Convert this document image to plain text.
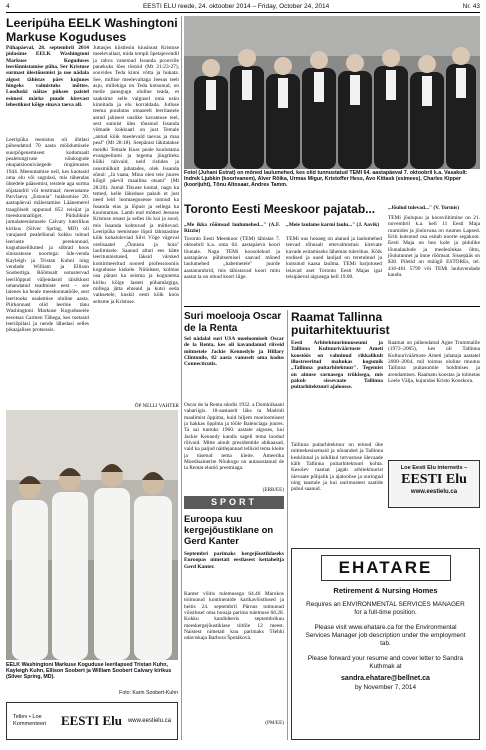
4	EESTI ELU reede, 24. oktoober 2014 – Friday, October 24, 2014	Nr. 43
Leeripüha EELK Washingtoni Markuse Koguduses
Pühapäeval, 28. septembril 2014 pidasime EELK Washingtoni Markuse Koguduses leeriõnnistamise püha. Ser Kristuse surmast ülestõusmist ja use nädala algust tähistav päev kujunes hingeks valmistuks mõttes. Looduski näitas püksee paistel esimesi märke puude kirevast lehestikust kõige sinava taeva all.
Leeripüha teenistus oli ühtlasi pühendatud 70 aasta möödumisele suurpõgenemisest kodumaalt pealetungivate nõukogude okupatsiooniväegede ringimustes 1944. Meenutamise neil, kes kaotasid oma elu või sugulasi, mis tähendas ühtedele pääsemist, teistele aga surma sõjatandril või teistmaal; meenutame Parvlaeva „Estonia" hukkumise 20. aastapäeval mälestamise Läänemerel traagiliselt uppunud 852 reisijat ja meeskonnaliiget. Püdulikule jumalateenistusele Calvary luterlikus kirikus (Silver Spring, MD) oli varajased pealelõunal kokku tulnud leeriaste perekonnad, koguduseliikmed ja sõbrad koos sinisustesse noortega: õde-venda Kayleigh ja Tristan Kuhni ning vendade William ja Ellison Soobertiga. Rõõmsalt ootustervad leerilõppud väljendasid täisikkust omandatud teadmiste eest – see laienes ka heale meeskonnatööle, sest leeritooks osalemise oluline aasta. Piirkonnast olid leerine tänu Washingtoni Markuse Koguduseele eesotsas Carmen Tähega, kes toetasid leeriõpilasi ja nende lähedasi selles pikaajalises protsessis.
Juttasjes kiistlesin kiusinust Kristuse meelevallast, mida templi õpetajevendil ja rahva vanemad Issanda prooviile panekuks lões tõstsid (Mt 21:23-27), soovides Teda kinni võtta ja hukata. See, millise meelevaltaga Jeesus teeb asju, millekiga on Teda kutsunud, on meile panegugu oluline teada, et saaksime selle valgusel oma usku kinnitada ja elu korraldada. Jutluse teema puudutas omaseelt leerilastele antud jahisest uuslike kavantuse teel, sest sunnist üles tõusnud Issanda võtnade kokkuarl on just Temale „antud kõik meelevald taevas ja maa peal" (Mt 28:18). Seepärast läkitatakse meidki Temale Kuss peale kuulutama evangeeliumi ja tegema jüngriteks kõiki rahvaid, neid ristides ja ususmülkult juhatades, olek Issanda sõnul: „Ja vaata, Mina olen teie juures kõigil päevil maailma otsani" (Mt 28:20). Jumal Tikuste kumal, nagu ka temed, kelle läheduse pakub et just need leiri loomaegusesse tunnud ka Issanda elas ja lõpust ja sellega ka kuulutamas. Lamb end mõtted Jeesuse Kristuse otsast ja selles ilu kui ja sood, mis Issanda kohtuvad ja mõtlevad. Leeripüha teenistuse lõpul tähistasime kõik kohaloleviad Silvi Võge vägeval orelisaatel „Õnnista ja hoia" laulimisele. Saanud altari ees kätte leeritunnistused, läksid värsked kontirmeeritud noored professiooniis kogudusse kiskele. Nüüdsest, kolmas osa pärast ka seisma ja kogunema kiriku kõige lasteti pühamärgiga, millega jätta ehteaid ja kutsi eeda vaiksetele, kuskil eesti kõik koos seitsme ja Kristuse.
ÕP NELLI VAHTER
Fotol (Juhani Estrat) on mõned laulumehed, kes olid tunnustatud TEMI 64. aastapäeval 7. oktoobril k.a. Vasakult: Indrek Ljubkin (koorivanem), Alver Rõika, Urmas Migur, Kristoffer Hess, Avo Kittask (esimees), Charles Kipper (koorijuht), Tõnu Altosaar, Andres Tamm.
Toronto Eesti Meeskoor pajatab...
„Me ikka rõõmsad laulumehed..." (A.F. Rizzio)
Toronto Eesti Meeskoor (TEM) tähistas 7. oktoobril k.a. oma 64. aastapäeva koori lõunale. Nagu TEMi koosolekud ja aastapäeva pühitsemisel saavad mõned laulumehed „habemetele" juurde aastanumbrid, mis tähistavad koori mitu aastat ta on olnud koori liige.
„Meie laulame karmi laulu..." (J. Aavik)
TEMi uus hooaeg on alanud ja laulumehed teevad tõhusalt ettevalmistusi kirevate kavade esitamiseks lähemas tulevikus. Kõik endised ja uued lauljad on teretulnud ja kutsutud kaasa laulma. TEMi harjutused leiavad aset Toronto Eesti Majas igal teisipäeval algusega kell 19.00.
„Jõulud tulevad..." (V. Tormis)
TEMi jõulupuu ja koosviibimine on 21. novembril k.a. kell 11 Eesti Maja ruumides ja jõuluvana on ruumes Lapsed. Eriti kutsutud osa esitab noorte segakoor. Eesti Maja on hea koht ja pidulike lõunalaulude ja meeleolukas õhtu, jõulutunnet ja õnne rõõmsat. Sissepääs on $30. Piletid on müügil ESTOREs, tel. 416-461 5799 või TEMi lauluvendade kaudu.
Suri moelooja Oscar de la Renta
Sel nädalal suri USA moeloomiselt Oscar de la Renta, kes oli kavandanud riiveid mitmetele Jackie Kennedyle ja Hillary Clintonile, 82 aasta vanuselt oma kodus Connecticutis.
Oscar de la Renta sündis 1932. a Dominikaani vabariigis. 18-aastaselt läks ta Madridi maalimist õppima, kuid hiljem moeloomisest ja hakkas õppima ja tööle Balenciaga juures. Ta sai tuntuks 1960. aastate alguses, kui Jackie Kennedy kandis sageli tema loodud rõivaid. Mitte ainult presidentide abikaasad, vaid ka paljud näitlejannad tellisid tema kleite ja tüsetud tema kleite. Ameerika Moedisainerite Nõukogu on autasustanud de la Rentat elutöö preemiaga.
(ERR/EE)
SPORT
Euroopa kuu kergejõustiklane on Gerd Kanter
Septembri parimaks kergejõustiklaseks Euroopas nimetati eestlasest kettaheitja Gerd Kanter.
Kanter võitis tulemusega 64.46 Marokos toimunud kontinentide karikavõistlused ja heitis 24. septembril Pärnus toimunud võistlusel oma hooaja parima tulemuse 66.28. Kokku kandideeris septembrikuu meeskergejõustiklase tiitlile 12 meest. Naistest nimetati kuu parimaks Tšehhi odaviskaja Barbora Špotáková.
(PM/EE)
Raamat Tallinna puitarhitektuurist
Eesti Arhitektuurimuuseumi ja Tallinna Kultuuriväärtuste Ameti koostöös on valminud rikkalikult illustreeritud mahukas kogumik „Tallinna puitarhitektuur". Tegemist on ainuse sarnasega trükisega, mis pakub sissevaate Tallinna puitarhitektuuri ajaloosse.
Tallinna puitarhitektuur on teinud ühe mitmekesisemaid ja nõuanded ja Tallinna kesklinnal ja isiklikul tutvustuse ülevaade käib Tallinna puitarhitektuuri kohta. Kesolev raamat jagab arhitektuurist ülevaate põhjalik ja ajaloolise ja uuringud ning taustale ja kui uurimustest saatide puhul saanud.
Raamat on pühendatud Agne Trummalile (1973–2005), kes oli Tallinna Kultuuriväärtuste Ameti juhataja aastatel 2000–2004, mil toimus oluline muutus Tallinna puitasumite hoidmises ja arendamises. Raamatu koostas ja toimetas Leele Välja, kujundas Kristo Kooskora.
Loe Eesti Elu internetis –
EESTI Elu
www.eestielu.ca
EHATARE
Retirement & Nursing Homes
Requires an ENVIRONMENTAL SERVICES MANAGER for a full-time position.
Please visit www.ehatare.ca for the Environmental Services Manager job description under the employment tab.
Please forward your resume and cover letter to Sandra Kuthmak at
sandra.ehatare@bellnet.ca
by November 7, 2014
EELK Washingtoni Markuse Koguduse leerilapsed Tristan Kuhn, Kayleigh Kuhn, Ellison Soobert ja William Soobert Calvary kirikus (Silver Spring, MD).
Foto: Karin Soobert-Kuhn
Tellev • Loe Kommenteeri	EESTI Elu www.eestielu.ca
